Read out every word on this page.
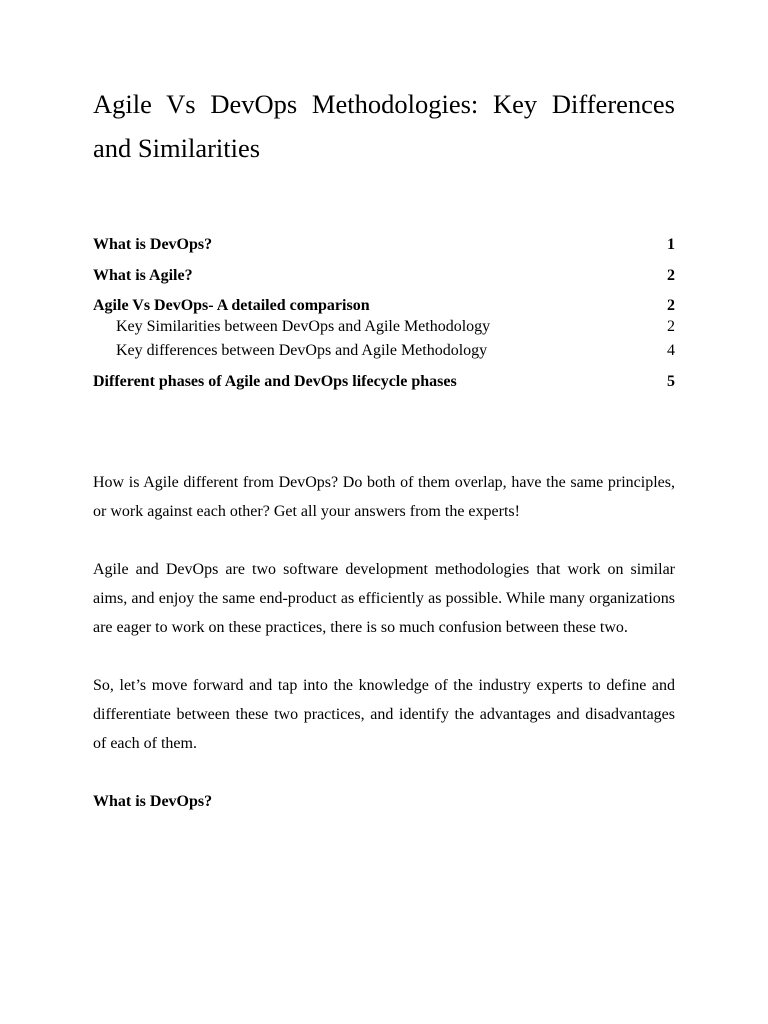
Agile Vs DevOps Methodologies: Key Differences and Similarities
What is DevOps?	1
What is Agile?	2
Agile Vs DevOps- A detailed comparison	2
Key Similarities between DevOps and Agile Methodology	2
Key differences between DevOps and Agile Methodology	4
Different phases of Agile and DevOps lifecycle phases	5

How is Agile different from DevOps? Do both of them overlap, have the same principles, or work against each other? Get all your answers from the experts!

Agile and DevOps are two software development methodologies that work on similar aims, and enjoy the same end-product as efficiently as possible. While many organizations are eager to work on these practices, there is so much confusion between these two.

So, let’s move forward and tap into the knowledge of the industry experts to define and differentiate between these two practices, and identify the advantages and disadvantages of each of them.

What is DevOps?
